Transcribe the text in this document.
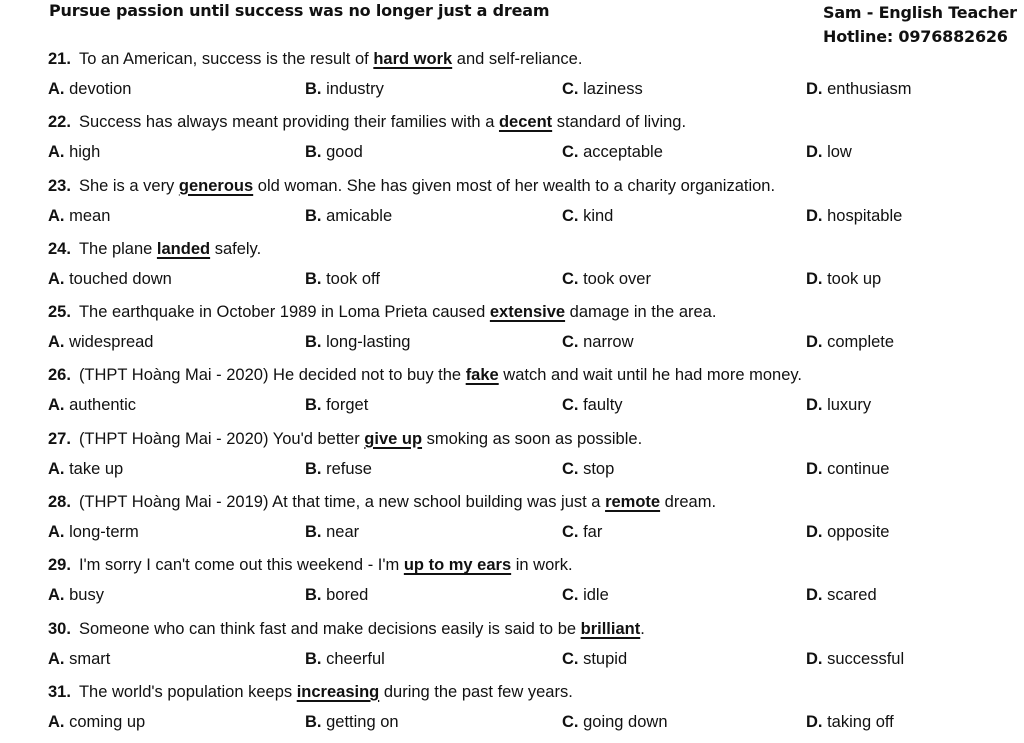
Pursue passion until success was no longer just a dream	Sam - English Teacher
Hotline: 0976882626
21. To an American, success is the result of hard work and self-reliance.
A. devotion	B. industry	C. laziness	D. enthusiasm
22. Success has always meant providing their families with a decent standard of living.
A. high	B. good	C. acceptable	D. low
23. She is a very generous old woman. She has given most of her wealth to a charity organization.
A. mean	B. amicable	C. kind	D. hospitable
24. The plane landed safely.
A. touched down	B. took off	C. took over	D. took up
25. The earthquake in October 1989 in Loma Prieta caused extensive damage in the area.
A. widespread	B. long-lasting	C. narrow	D. complete
26. (THPT Hoàng Mai - 2020) He decided not to buy the fake watch and wait until he had more money.
A. authentic	B. forget	C. faulty	D. luxury
27. (THPT Hoàng Mai - 2020) You'd better give up smoking as soon as possible.
A. take up	B. refuse	C. stop	D. continue
28. (THPT Hoàng Mai - 2019) At that time, a new school building was just a remote dream.
A. long-term	B. near	C. far	D. opposite
29. I'm sorry I can't come out this weekend - I'm up to my ears in work.
A. busy	B. bored	C. idle	D. scared
30. Someone who can think fast and make decisions easily is said to be brilliant.
A. smart	B. cheerful	C. stupid	D. successful
31. The world's population keeps increasing during the past few years.
A. coming up	B. getting on	C. going down	D. taking off
